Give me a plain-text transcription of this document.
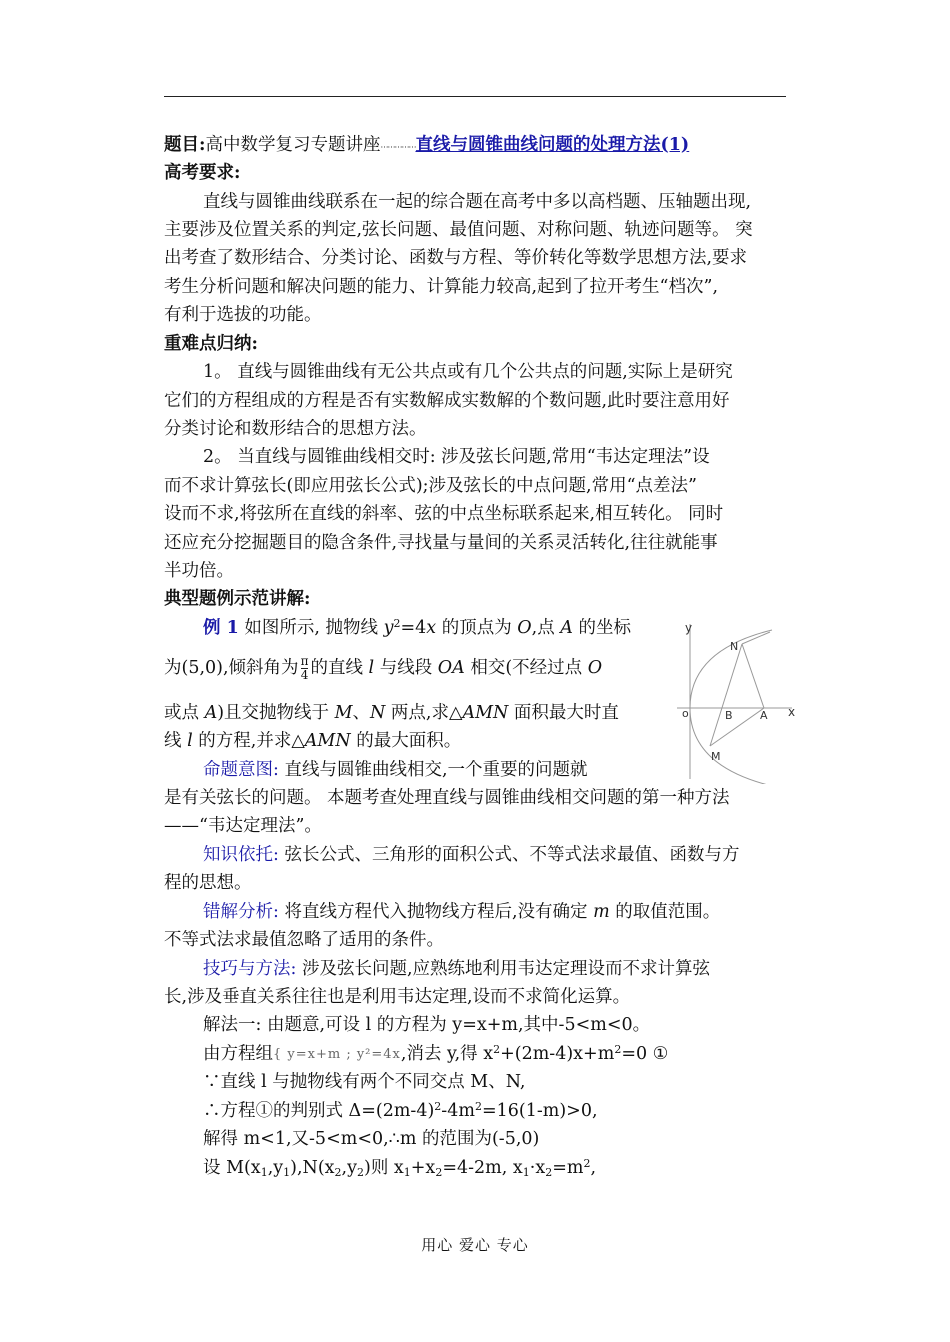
题目:高中数学复习专题讲座……………直线与圆锥曲线问题的处理方法(1)
高考要求:
直线与圆锥曲线联系在一起的综合题在高考中多以高档题、压轴题出现,
主要涉及位置关系的判定,弦长问题、最值问题、对称问题、轨迹问题等。 突
出考查了数形结合、分类讨论、函数与方程、等价转化等数学思想方法,要求
考生分析问题和解决问题的能力、计算能力较高,起到了拉开考生“档次”,
有利于选拔的功能。
重难点归纳:
1。 直线与圆锥曲线有无公共点或有几个公共点的问题,实际上是研究
它们的方程组成的方程是否有实数解成实数解的个数问题,此时要注意用好
分类讨论和数形结合的思想方法。
2。 当直线与圆锥曲线相交时: 涉及弦长问题,常用“韦达定理法”设
而不求计算弦长(即应用弦长公式);涉及弦长的中点问题,常用“点差法”
设而不求,将弦所在直线的斜率、弦的中点坐标联系起来,相互转化。 同时
还应充分挖掘题目的隐含条件,寻找量与量间的关系灵活转化,往往就能事
半功倍。
典型题例示范讲解:
例 1 如图所示, 抛物线 $y^2=4x$ 的顶点为 O,点 A 的坐标
为(5,0),倾斜角为 $\frac{\pi}{4}$ 的直线 l 与线段 OA 相交(不经过点 O
或点 A)且交抛物线于 M、N 两点,求△AMN 面积最大时直
线 l 的方程,并求△AMN 的最大面积。
命题意图: 直线与圆锥曲线相交,一个重要的问题就
是有关弦长的问题。 本题考查处理直线与圆锥曲线相交问题的第一种方法
——“韦达定理法”。
知识依托: 弦长公式、三角形的面积公式、不等式法求最值、函数与方
程的思想。
错解分析: 将直线方程代入抛物线方程后,没有确定 m 的取值范围。
不等式法求最值忽略了适用的条件。
技巧与方法: 涉及弦长问题,应熟练地利用韦达定理设而不求计算弦
长,涉及垂直关系往往也是利用韦达定理,设而不求简化运算。
解法一: 由题意,可设 l 的方程为 y=x+m,其中-5<m<0。
由方程组{ y=x+m ; y²=4x,消去 y,得 $x^2+(2m-4)x+m^2=0$ ①
∵直线 l 与抛物线有两个不同交点 M、N,
∴方程①的判别式 $\Delta=(2m-4)^2-4m^2=16(1-m)>0$,
解得 m<1,又-5<m<0,∴m 的范围为(-5,0)
设 $M(x_1,y_1),N(x_2,y_2)$则 $x_1+x_2=4-2m$, $x_1\cdot x_2=m^2$,
y
x
o	B A
N
M
用心 爱心 专心
